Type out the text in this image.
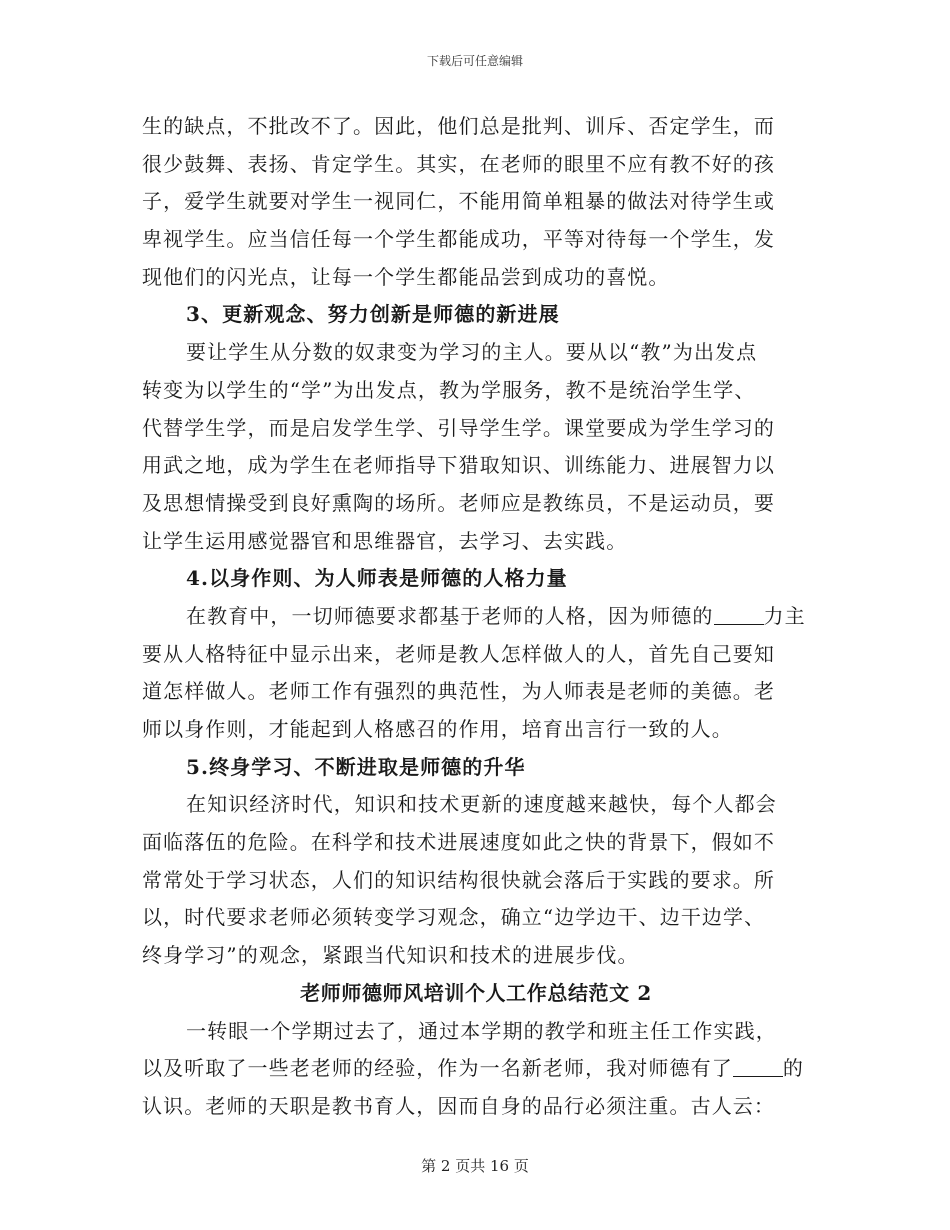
下载后可任意编辑
生的缺点，不批改不了。因此，他们总是批判、训斥、否定学生，而
很少鼓舞、表扬、肯定学生。其实，在老师的眼里不应有教不好的孩
子，爱学生就要对学生一视同仁，不能用简单粗暴的做法对待学生或
卑视学生。应当信任每一个学生都能成功，平等对待每一个学生，发
现他们的闪光点，让每一个学生都能品尝到成功的喜悦。
3、更新观念、努力创新是师德的新进展
要让学生从分数的奴隶变为学习的主人。要从以“教”为出发点
转变为以学生的“学”为出发点，教为学服务，教不是统治学生学、
代替学生学，而是启发学生学、引导学生学。课堂要成为学生学习的
用武之地，成为学生在老师指导下猎取知识、训练能力、进展智力以
及思想情操受到良好熏陶的场所。老师应是教练员，不是运动员，要
让学生运用感觉器官和思维器官，去学习、去实践。
4.以身作则、为人师表是师德的人格力量
在教育中，一切师德要求都基于老师的人格，因为师德的	力主
要从人格特征中显示出来，老师是教人怎样做人的人，首先自己要知
道怎样做人。老师工作有强烈的典范性，为人师表是老师的美德。老
师以身作则，才能起到人格感召的作用，培育出言行一致的人。
5.终身学习、不断进取是师德的升华
在知识经济时代，知识和技术更新的速度越来越快，每个人都会
面临落伍的危险。在科学和技术进展速度如此之快的背景下，假如不
常常处于学习状态，人们的知识结构很快就会落后于实践的要求。所
以，时代要求老师必须转变学习观念，确立“边学边干、边干边学、
终身学习”的观念，紧跟当代知识和技术的进展步伐。
老师师德师风培训个人工作总结范文 2
一转眼一个学期过去了，通过本学期的教学和班主任工作实践，
以及听取了一些老老师的经验，作为一名新老师，我对师德有了	的
认识。老师的天职是教书育人，因而自身的品行必须注重。古人云：
第 2 页共 16 页
